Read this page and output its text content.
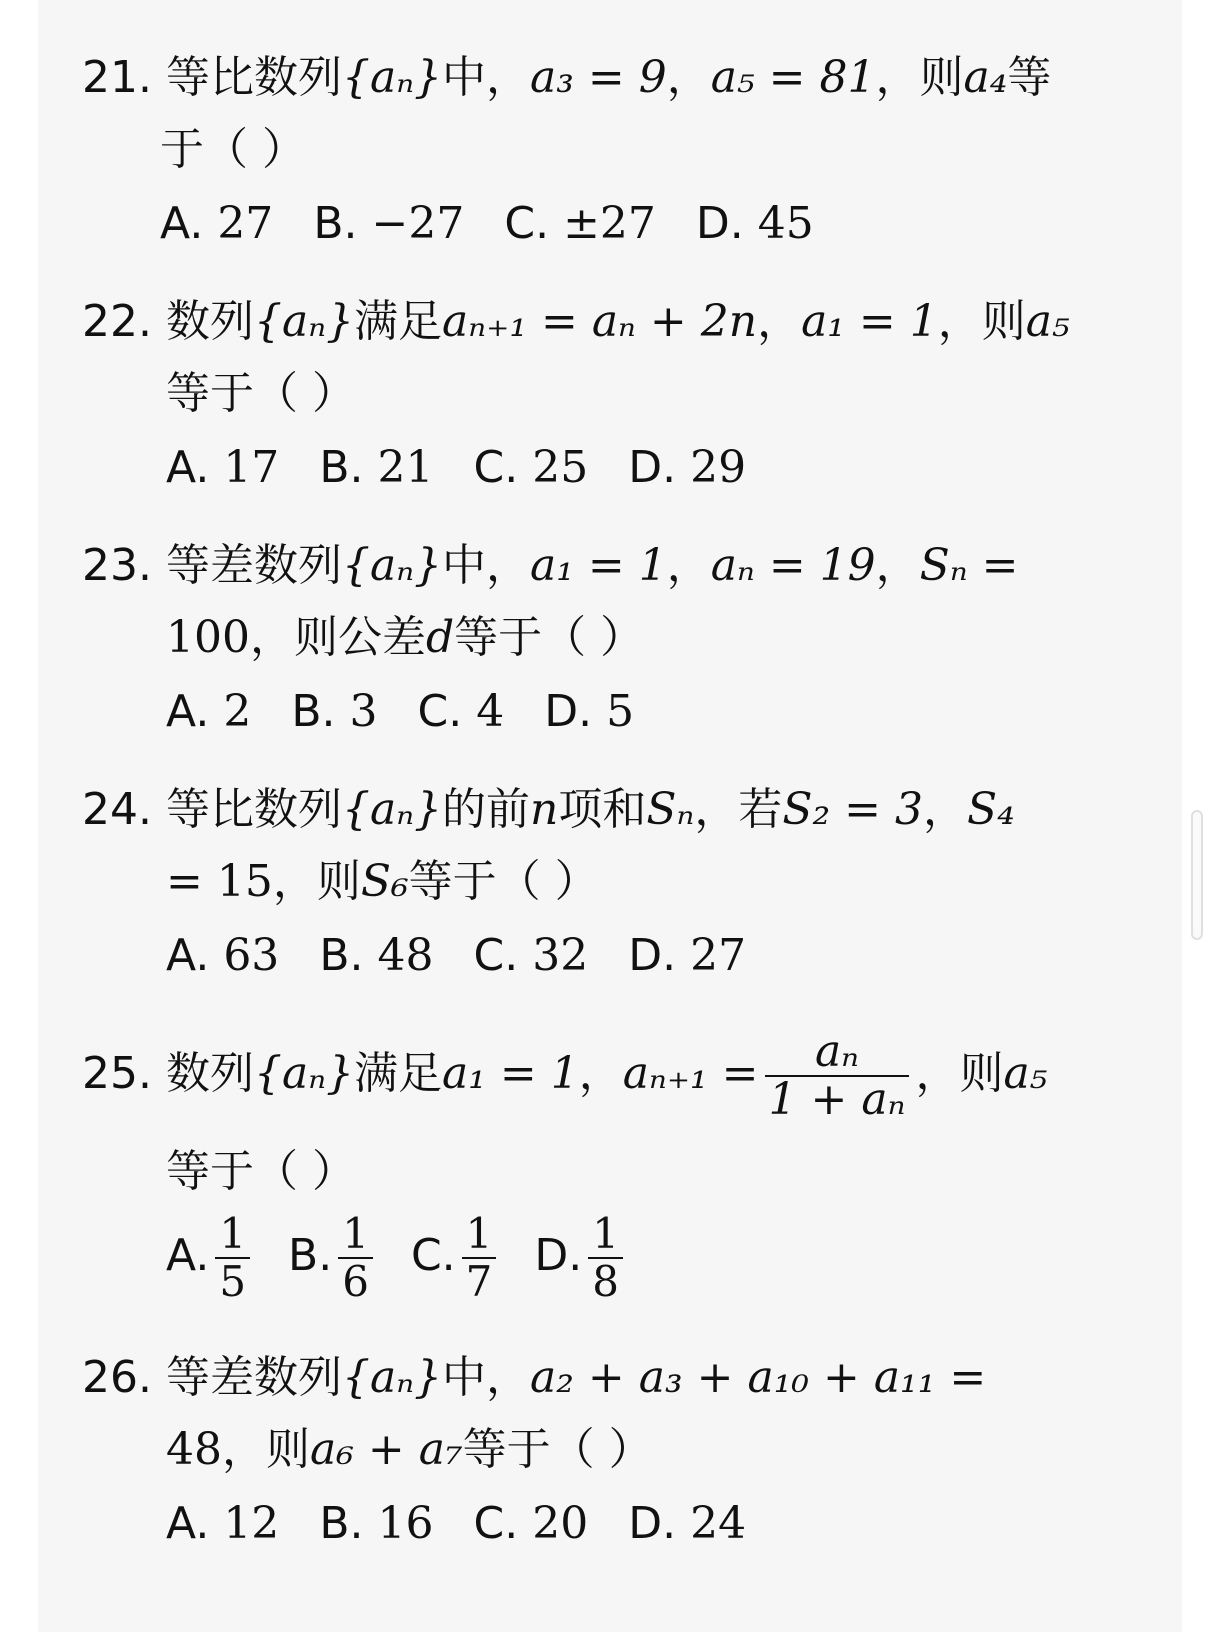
21. 等比数列{aₙ}中，a₃ = 9，a₅ = 81，则a₄等
于（ ）
A. 27 B. −27 C. ±27 D. 45
22. 数列{aₙ}满足aₙ₊₁ = aₙ + 2n，a₁ = 1，则a₅
等于（ ）
A. 17 B. 21 C. 25 D. 29
23. 等差数列{aₙ}中，a₁ = 1，aₙ = 19，Sₙ =
100，则公差d等于（ ）
A. 2 B. 3 C. 4 D. 5
24. 等比数列{aₙ}的前n项和Sₙ，若S₂ = 3，S₄
= 15，则S₆等于（ ）
A. 63 B. 48 C. 32 D. 27
25. 数列{aₙ}满足a₁ = 1，$a_{n+1} = \frac{\text{aₙ}}{\text{1 + aₙ}}$ ，则a₅
等于（ ）
A. $\frac{1}{5} B$. $\frac{1}{6} C$. $\frac{1}{7} D$. $\frac{1}{8}$
26. 等差数列{aₙ}中，a₂ + a₃ + a₁₀ + a₁₁ =
48，则a₆ + a₇等于（ ）
A. 12 B. 16 C. 20 D. 24
